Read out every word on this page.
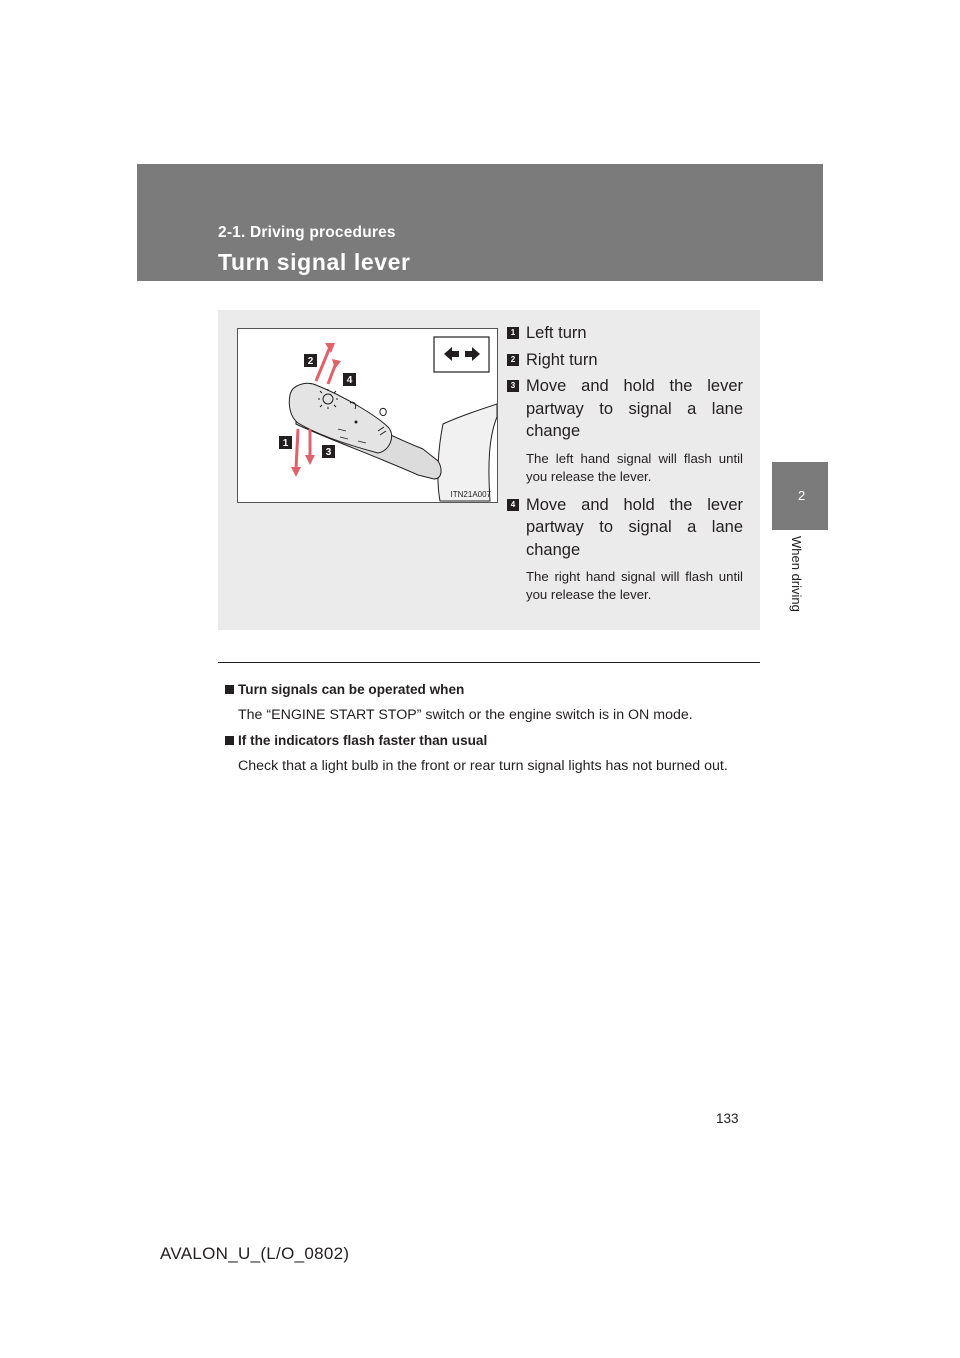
2-1. Driving procedures
Turn signal lever
2
When driving
2
4
1
3
ITN21A007
1 Left turn
2 Right turn
3 Move and hold the lever partway to signal a lane change
The left hand signal will flash until you release the lever.
4 Move and hold the lever partway to signal a lane change
The right hand signal will flash until you release the lever.
Turn signals can be operated when
The “ENGINE START STOP” switch or the engine switch is in ON mode.
If the indicators flash faster than usual
Check that a light bulb in the front or rear turn signal lights has not burned out.
133
AVALON_U_(L/O_0802)
